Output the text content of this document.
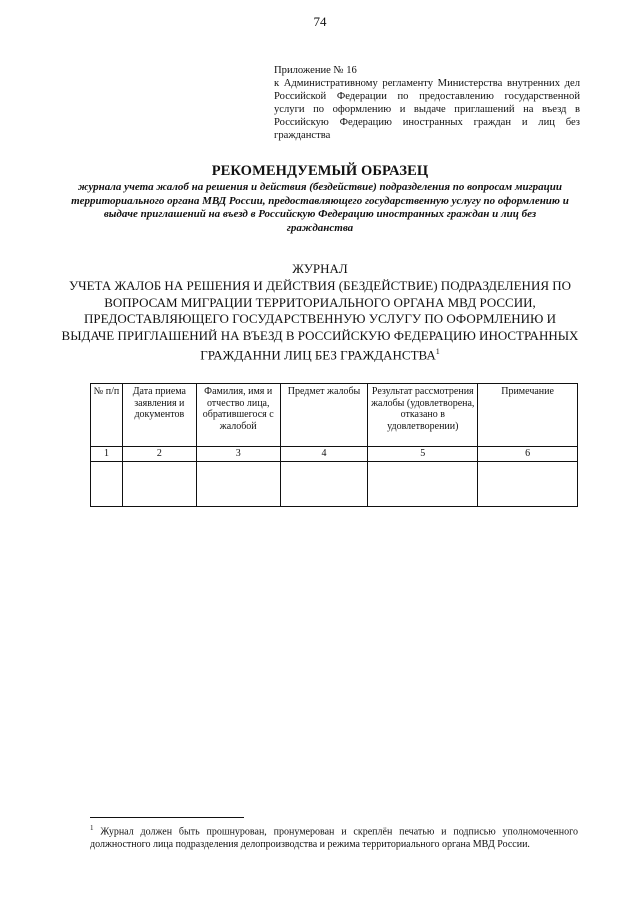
74
Приложение № 16
к Административному регламенту Министерства внутренних дел Российской Федерации по предоставлению государственной услуги по оформлению и выдаче приглашений на въезд в Российскую Федерацию иностранных граждан и лиц без гражданства
РЕКОМЕНДУЕМЫЙ ОБРАЗЕЦ
журнала учета жалоб на решения и действия (бездействие) подразделения по вопросам миграции территориального органа МВД России, предоставляющего государственную услугу по оформлению и выдаче приглашений на въезд в Российскую Федерацию иностранных граждан и лиц без гражданства
ЖУРНАЛ
УЧЕТА ЖАЛОБ НА РЕШЕНИЯ И ДЕЙСТВИЯ (БЕЗДЕЙСТВИЕ) ПОДРАЗДЕЛЕНИЯ ПО ВОПРОСАМ МИГРАЦИИ ТЕРРИТОРИАЛЬНОГО ОРГАНА МВД РОССИИ, ПРЕДОСТАВЛЯЮЩЕГО ГОСУДАРСТВЕННУЮ УСЛУГУ ПО ОФОРМЛЕНИЮ И ВЫДАЧЕ ПРИГЛАШЕНИЙ НА ВЪЕЗД В РОССИЙСКУЮ ФЕДЕРАЦИЮ ИНОСТРАННЫХ ГРАЖДАННИ ЛИЦ БЕЗ ГРАЖДАНСТВА$^1$
№ п/п	Дата приема заявления и документов	Фамилия, имя и отчество лица, обратившегося с жалобой	Предмет жалобы	Результат рассмотрения жалобы (удовлетворена, отказано в удовлетворении)	Примечание
1	2	3	4	5	6

$^1$ Журнал должен быть прошнурован, пронумерован и скреплён печатью и подписью уполномоченного должностного лица подразделения делопроизводства и режима территориального органа МВД России.
